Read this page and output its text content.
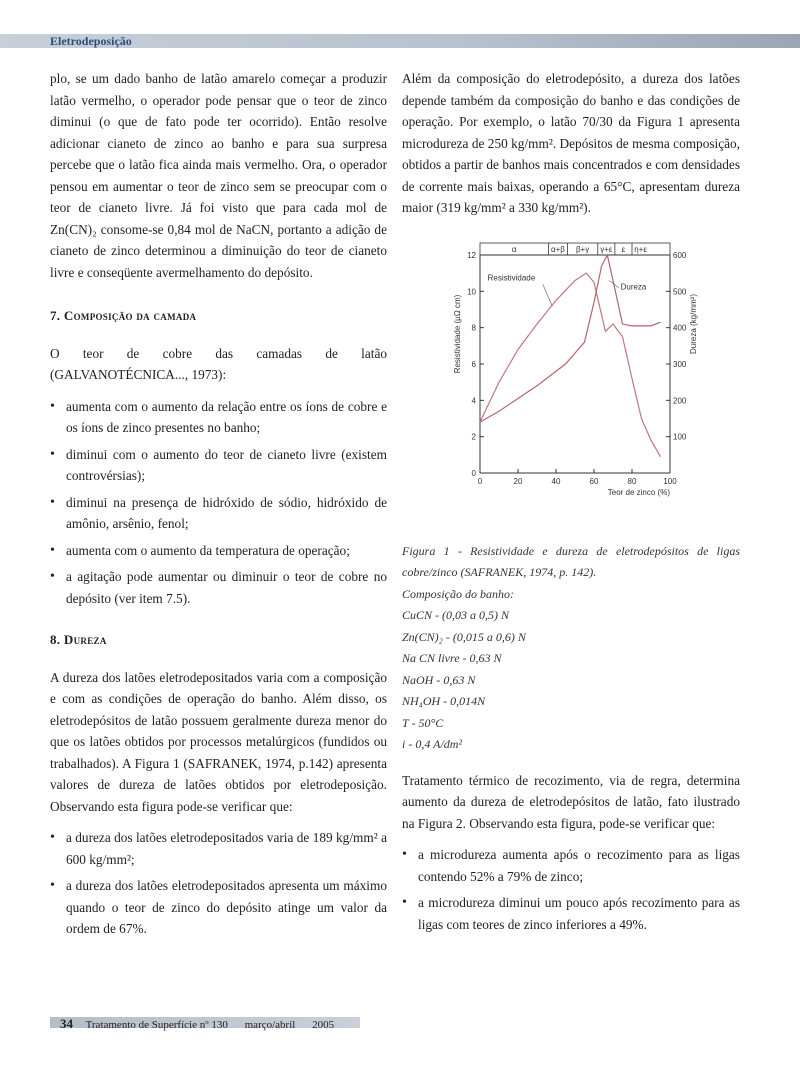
Eletrodeposição

plo, se um dado banho de latão amarelo começar a produzir latão vermelho, o operador pode pensar que o teor de zinco diminui (o que de fato pode ter ocorrido). Então resolve adicionar cianeto de zinco ao banho e para sua surpresa percebe que o latão fica ainda mais vermelho. Ora, o operador pensou em aumentar o teor de zinco sem se preocupar com o teor de cianeto livre. Já foi visto que para cada mol de Zn(CN)₂ consome-se 0,84 mol de NaCN, portanto a adição de cianeto de zinco determinou a diminuição do teor de cianeto livre e conseqüente avermelhamento do depósito.

7. Composição da camada

O teor de cobre das camadas de latão (GALVANOTÉCNICA..., 1973):

• aumenta com o aumento da relação entre os íons de cobre e os íons de zinco presentes no banho;
• diminui com o aumento do teor de cianeto livre (existem controvérsias);
• diminui na presença de hidróxido de sódio, hidróxido de amônio, arsênio, fenol;
• aumenta com o aumento da temperatura de operação;
• a agitação pode aumentar ou diminuir o teor de cobre no depósito (ver item 7.5).
8. Dureza

A dureza dos latões eletrodepositados varia com a composição e com as condições de operação do banho. Além disso, os eletrodepósitos de latão possuem geralmente dureza menor do que os latões obtidos por processos metalúrgicos (fundidos ou trabalhados). A Figura 1 (SAFRANEK, 1974, p.142) apresenta valores de dureza de latões obtidos por eletrodeposição. Observando esta figura pode-se verificar que:

• a dureza dos latões eletrodepositados varia de 189 kg/mm² a 600 kg/mm²;
• a dureza dos latões eletrodepositados apresenta um máximo quando o teor de zinco do depósito atinge um valor da ordem de 67%.

Além da composição do eletrodepósito, a dureza dos latões depende também da composição do banho e das condições de operação. Por exemplo, o latão 70/30 da Figura 1 apresenta microdureza de 250 kg/mm². Depósitos de mesma composição, obtidos a partir de banhos mais concentrados e com densidades de corrente mais baixas, operando a 65°C, apresentam dureza maior (319 kg/mm² a 330 kg/mm²).

α	α+β β+γ γ+ε ε η+ε
0	20	40	60	80	100
0
2
4
6
8
10
12
100
200
300
400
500
600
Teor de zinco (%)
Resistividade (µΩ cm)	Dureza (kg/mm²)
Resistividade
Dureza
Figura 1 - Resistividade e dureza de eletrodepósitos de ligas cobre/zinco (SAFRANEK, 1974, p. 142).
Composição do banho:
CuCN - (0,03 a 0,5) N
Zn(CN)₂ - (0,015 a 0,6) N
Na CN livre - 0,63 N
NaOH - 0,63 N
NH₄OH - 0,014N
T - 50°C
i - 0,4 A/dm²

Tratamento térmico de recozimento, via de regra, determina aumento da dureza de eletrodepósitos de latão, fato ilustrado na Figura 2. Observando esta figura, pode-se verificar que:

• a microdureza aumenta após o recozimento para as ligas contendo 52% a 79% de zinco;
• a microdureza diminui um pouco após recozimento para as ligas com teores de zinco inferiores a 49%.
34 Tratamento de Superfície nº 130 março/abril 2005
